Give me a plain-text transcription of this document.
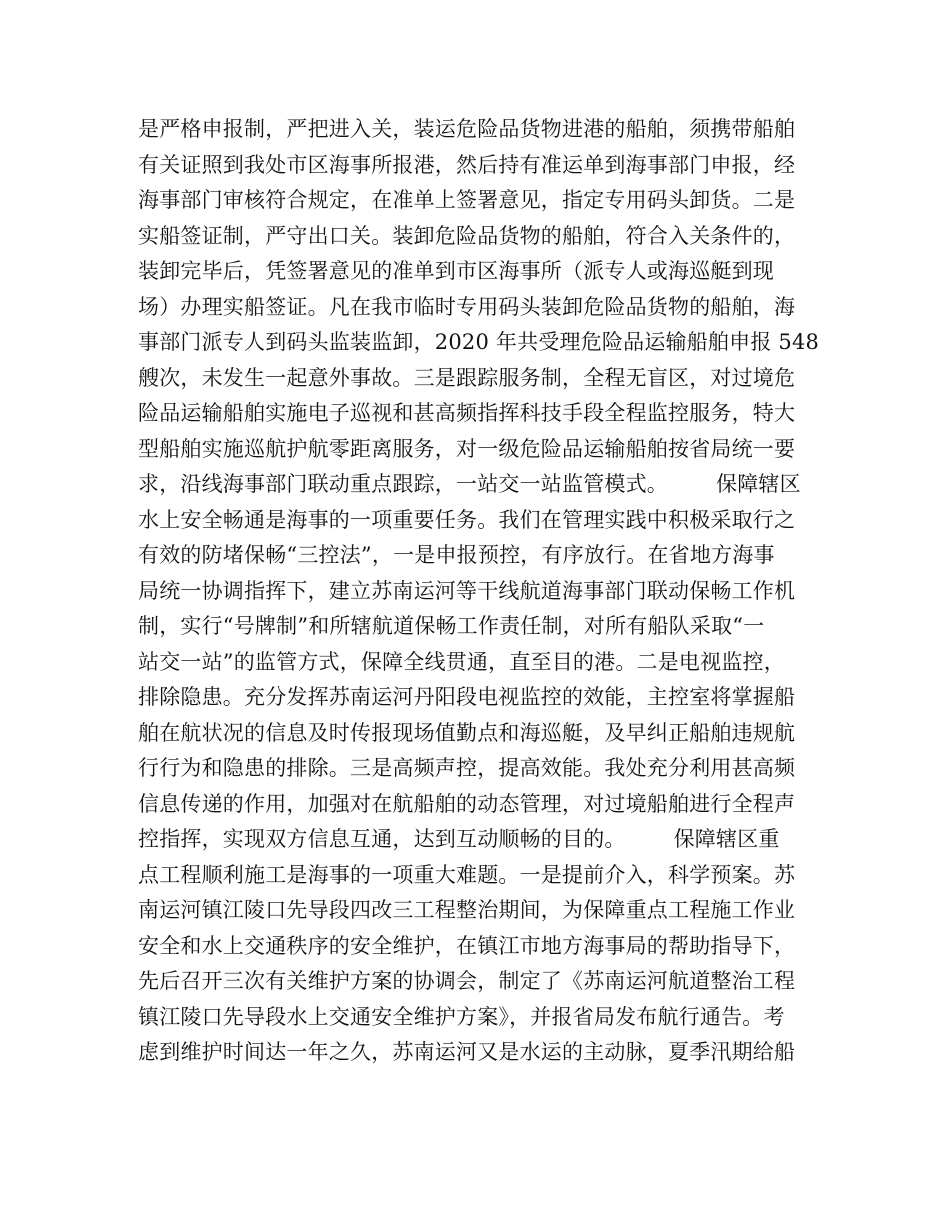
是严格申报制，严把进入关，装运危险品货物进港的船舶，须携带船舶
有关证照到我处市区海事所报港，然后持有准运单到海事部门申报，经
海事部门审核符合规定，在准单上签署意见，指定专用码头卸货。二是
实船签证制，严守出口关。装卸危险品货物的船舶，符合入关条件的，
装卸完毕后，凭签署意见的准单到市区海事所（派专人或海巡艇到现
场）办理实船签证。凡在我市临时专用码头装卸危险品货物的船舶，海
事部门派专人到码头监装监卸，2020 年共受理危险品运输船舶申报 548
艘次，未发生一起意外事故。三是跟踪服务制，全程无盲区，对过境危
险品运输船舶实施电子巡视和甚高频指挥科技手段全程监控服务，特大
型船舶实施巡航护航零距离服务，对一级危险品运输船舶按省局统一要
求，沿线海事部门联动重点跟踪，一站交一站监管模式。 保障辖区
水上安全畅通是海事的一项重要任务。我们在管理实践中积极采取行之
有效的防堵保畅“三控法”，一是申报预控，有序放行。在省地方海事
局统一协调指挥下，建立苏南运河等干线航道海事部门联动保畅工作机
制，实行“号牌制”和所辖航道保畅工作责任制，对所有船队采取“一
站交一站”的监管方式，保障全线贯通，直至目的港。二是电视监控，
排除隐患。充分发挥苏南运河丹阳段电视监控的效能，主控室将掌握船
舶在航状况的信息及时传报现场值勤点和海巡艇，及早纠正船舶违规航
行行为和隐患的排除。三是高频声控，提高效能。我处充分利用甚高频
信息传递的作用，加强对在航船舶的动态管理，对过境船舶进行全程声
控指挥，实现双方信息互通，达到互动顺畅的目的。 保障辖区重
点工程顺利施工是海事的一项重大难题。一是提前介入，科学预案。苏
南运河镇江陵口先导段四改三工程整治期间，为保障重点工程施工作业
安全和水上交通秩序的安全维护，在镇江市地方海事局的帮助指导下，
先后召开三次有关维护方案的协调会，制定了《苏南运河航道整治工程
镇江陵口先导段水上交通安全维护方案》，并报省局发布航行通告。考
虑到维护时间达一年之久，苏南运河又是水运的主动脉，夏季汛期给船
